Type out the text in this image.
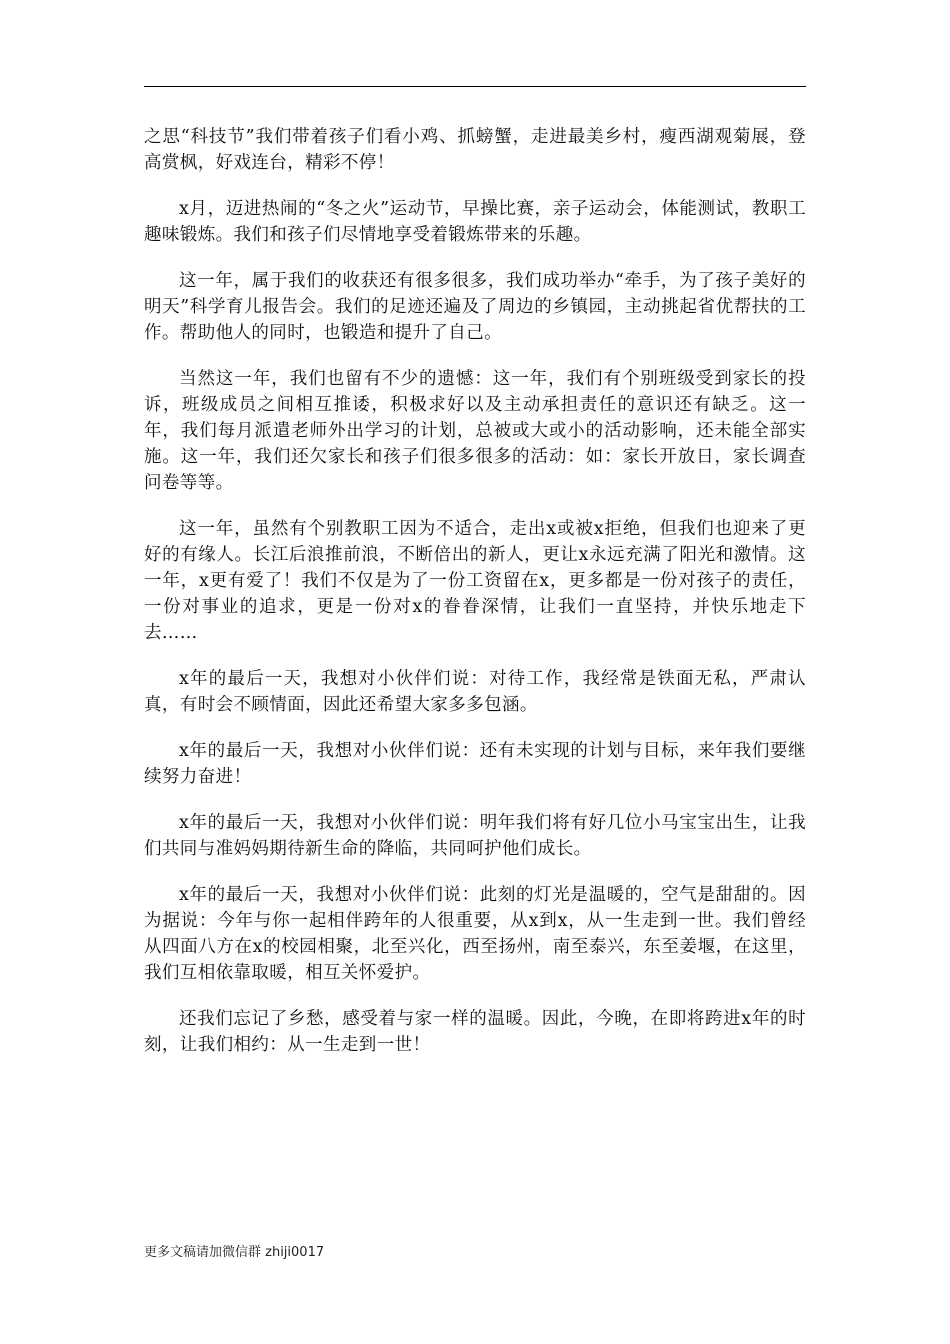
之思“科技节”我们带着孩子们看小鸡、抓螃蟹，走进最美乡村，瘦西湖观菊展，登高赏枫，好戏连台，精彩不停！

x月，迈进热闹的“冬之火”运动节，早操比赛，亲子运动会，体能测试，教职工趣味锻炼。我们和孩子们尽情地享受着锻炼带来的乐趣。

这一年，属于我们的收获还有很多很多，我们成功举办“牵手，为了孩子美好的明天”科学育儿报告会。我们的足迹还遍及了周边的乡镇园，主动挑起省优帮扶的工作。帮助他人的同时，也锻造和提升了自己。

当然这一年，我们也留有不少的遗憾：这一年，我们有个别班级受到家长的投诉，班级成员之间相互推诿，积极求好以及主动承担责任的意识还有缺乏。这一年，我们每月派遣老师外出学习的计划，总被或大或小的活动影响，还未能全部实施。这一年，我们还欠家长和孩子们很多很多的活动：如：家长开放日，家长调查问卷等等。

这一年，虽然有个别教职工因为不适合，走出x或被x拒绝，但我们也迎来了更好的有缘人。长江后浪推前浪，不断倍出的新人，更让x永远充满了阳光和激情。这一年，x更有爱了！我们不仅是为了一份工资留在x，更多都是一份对孩子的责任，一份对事业的追求，更是一份对x的眷眷深情，让我们一直坚持，并快乐地走下去……

x年的最后一天，我想对小伙伴们说：对待工作，我经常是铁面无私，严肃认真，有时会不顾情面，因此还希望大家多多包涵。

x年的最后一天，我想对小伙伴们说：还有未实现的计划与目标，来年我们要继续努力奋进！

x年的最后一天，我想对小伙伴们说：明年我们将有好几位小马宝宝出生，让我们共同与准妈妈期待新生命的降临，共同呵护他们成长。

x年的最后一天，我想对小伙伴们说：此刻的灯光是温暖的，空气是甜甜的。因为据说：今年与你一起相伴跨年的人很重要，从x到x，从一生走到一世。我们曾经从四面八方在x的校园相聚，北至兴化，西至扬州，南至泰兴，东至姜堰，在这里，我们互相依靠取暖，相互关怀爱护。

还我们忘记了乡愁，感受着与家一样的温暖。因此，今晚，在即将跨进x年的时刻，让我们相约：从一生走到一世！

更多文稿请加微信群 zhiji0017
